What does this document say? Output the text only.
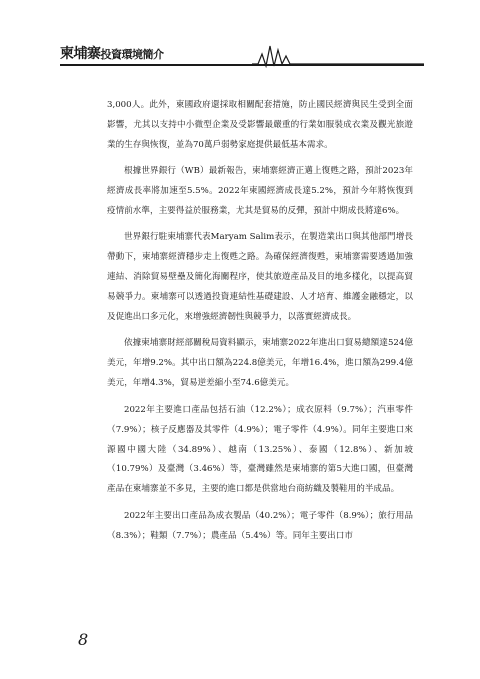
柬埔寨投資環境簡介

3,000人。此外，柬國政府還採取相關配套措施，防止國民經濟與民生受到全面影響，尤其以支持中小微型企業及受影響最嚴重的行業如服裝成衣業及觀光旅遊業的生存與恢復，並為70萬戶弱勢家庭提供最低基本需求。

根據世界銀行（WB）最新報告，柬埔寨經濟正邁上復甦之路，預計2023年經濟成長率將加速至5.5%。2022年柬國經濟成長達5.2%，預計今年將恢復到疫情前水準，主要得益於服務業，尤其是貿易的反彈，預計中期成長將達6%。

世界銀行駐柬埔寨代表Maryam Salim表示，在製造業出口與其他部門增長帶動下，柬埔寨經濟穩步走上復甦之路。為確保經濟復甦，柬埔寨需要透過加強連結、消除貿易壁壘及簡化海關程序，使其旅遊產品及目的地多樣化，以提高貿易競爭力。柬埔寨可以透過投資連結性基礎建設、人才培育、維護金融穩定，以及促進出口多元化，來增強經濟韌性與競爭力，以落實經濟成長。

依據柬埔寨財經部關稅局資料顯示，柬埔寨2022年進出口貿易總額達524億美元，年增9.2%。其中出口額為224.8億美元，年增16.4%，進口額為299.4億美元，年增4.3%，貿易逆差縮小至74.6億美元。

2022年主要進口產品包括石油（12.2%）；成衣原料（9.7%）；汽車零件（7.9%）；核子反應器及其零件（4.9%）；電子零件（4.9%）。同年主要進口來源國中國大陸（34.89%）、越南（13.25%）、泰國（12.8%）、新加坡（10.79%）及臺灣（3.46%）等，臺灣雖然是柬埔寨的第5大進口國，但臺灣產品在柬埔寨並不多見，主要的進口都是供當地台商紡織及製鞋用的半成品。

2022年主要出口產品為成衣製品（40.2%）；電子零件（8.9%）；旅行用品（8.3%）；鞋類（7.7%）；農產品（5.4%）等。同年主要出口市

8
